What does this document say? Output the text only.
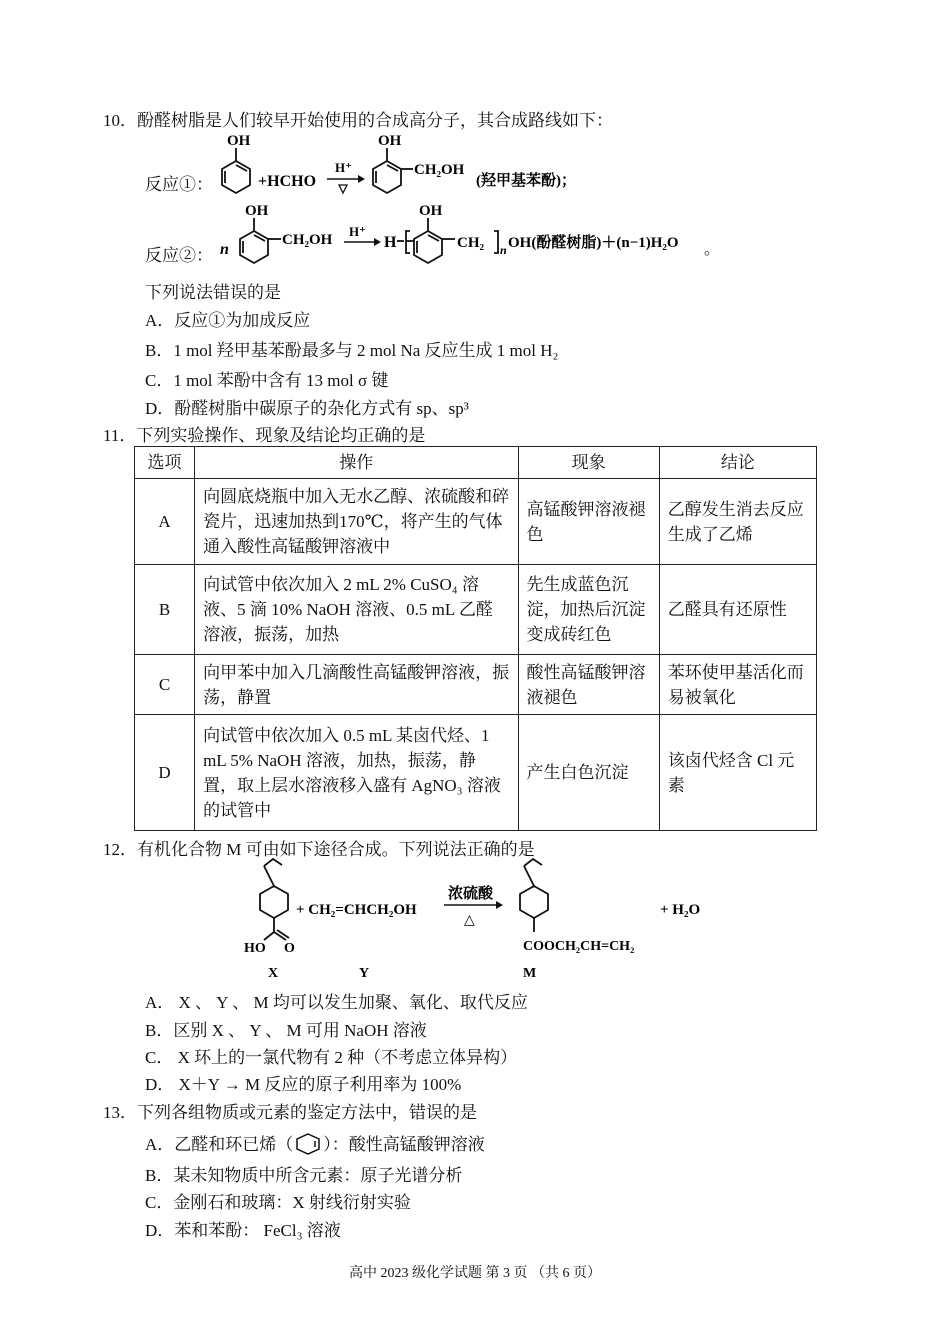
10．酚醛树脂是人们较早开始使用的合成高分子，其合成路线如下：
反应①：
OH
+HCHO
H⁺
OH
CH₂OH
(羟甲基苯酚)；
反应②： n
OH
CH₂OH
H⁺
H
OH
CH₂ n OH(酚醛树脂)＋(n−1)H₂O 。
下列说法错误的是
A．反应①为加成反应
B．1 mol 羟甲基苯酚最多与 2 mol Na 反应生成 1 mol H₂
C．1 mol 苯酚中含有 13 mol σ 键
D．酚醛树脂中碳原子的杂化方式有 sp、sp³
11．下列实验操作、现象及结论均正确的是
选项	操作	现象	结论
A	向圆底烧瓶中加入无水乙醇、浓硫酸和碎瓷片，迅速加热到170℃，将产生的气体通入酸性高锰酸钾溶液中	高锰酸钾溶液褪色	乙醇发生消去反应生成了乙烯
B	向试管中依次加入 2 mL 2% CuSO₄ 溶液、5 滴 10% NaOH 溶液、0.5 mL 乙醛溶液，振荡，加热	先生成蓝色沉淀，加热后沉淀变成砖红色	乙醛具有还原性
C	向甲苯中加入几滴酸性高锰酸钾溶液，振荡，静置	酸性高锰酸钾溶液褪色	苯环使甲基活化而易被氧化
D	向试管中依次加入 0.5 mL 某卤代烃、1 mL 5% NaOH 溶液，加热，振荡，静置，取上层水溶液移入盛有 AgNO₃ 溶液的试管中	产生白色沉淀	该卤代烃含 Cl 元素
12．有机化合物 M 可由如下途径合成。下列说法正确的是
HO O
X
+ CH₂=CHCH₂OH
Y
浓硫酸
△
COOCH₂CH=CH₂
M
+ H₂O
A． X 、 Y 、 M 均可以发生加聚、氧化、取代反应
B．区别 X 、 Y 、 M 可用 NaOH 溶液
C． X 环上的一氯代物有 2 种（不考虑立体异构）
D． X＋Y → M 反应的原子利用率为 100%
13．下列各组物质或元素的鉴定方法中，错误的是
A．乙醛和环已烯（ ）：酸性高锰酸钾溶液
B．某未知物质中所含元素：原子光谱分析
C．金刚石和玻璃：X 射线衍射实验
D．苯和苯酚： FeCl₃ 溶液
高中 2023 级化学试题 第 3 页 （共 6 页）
